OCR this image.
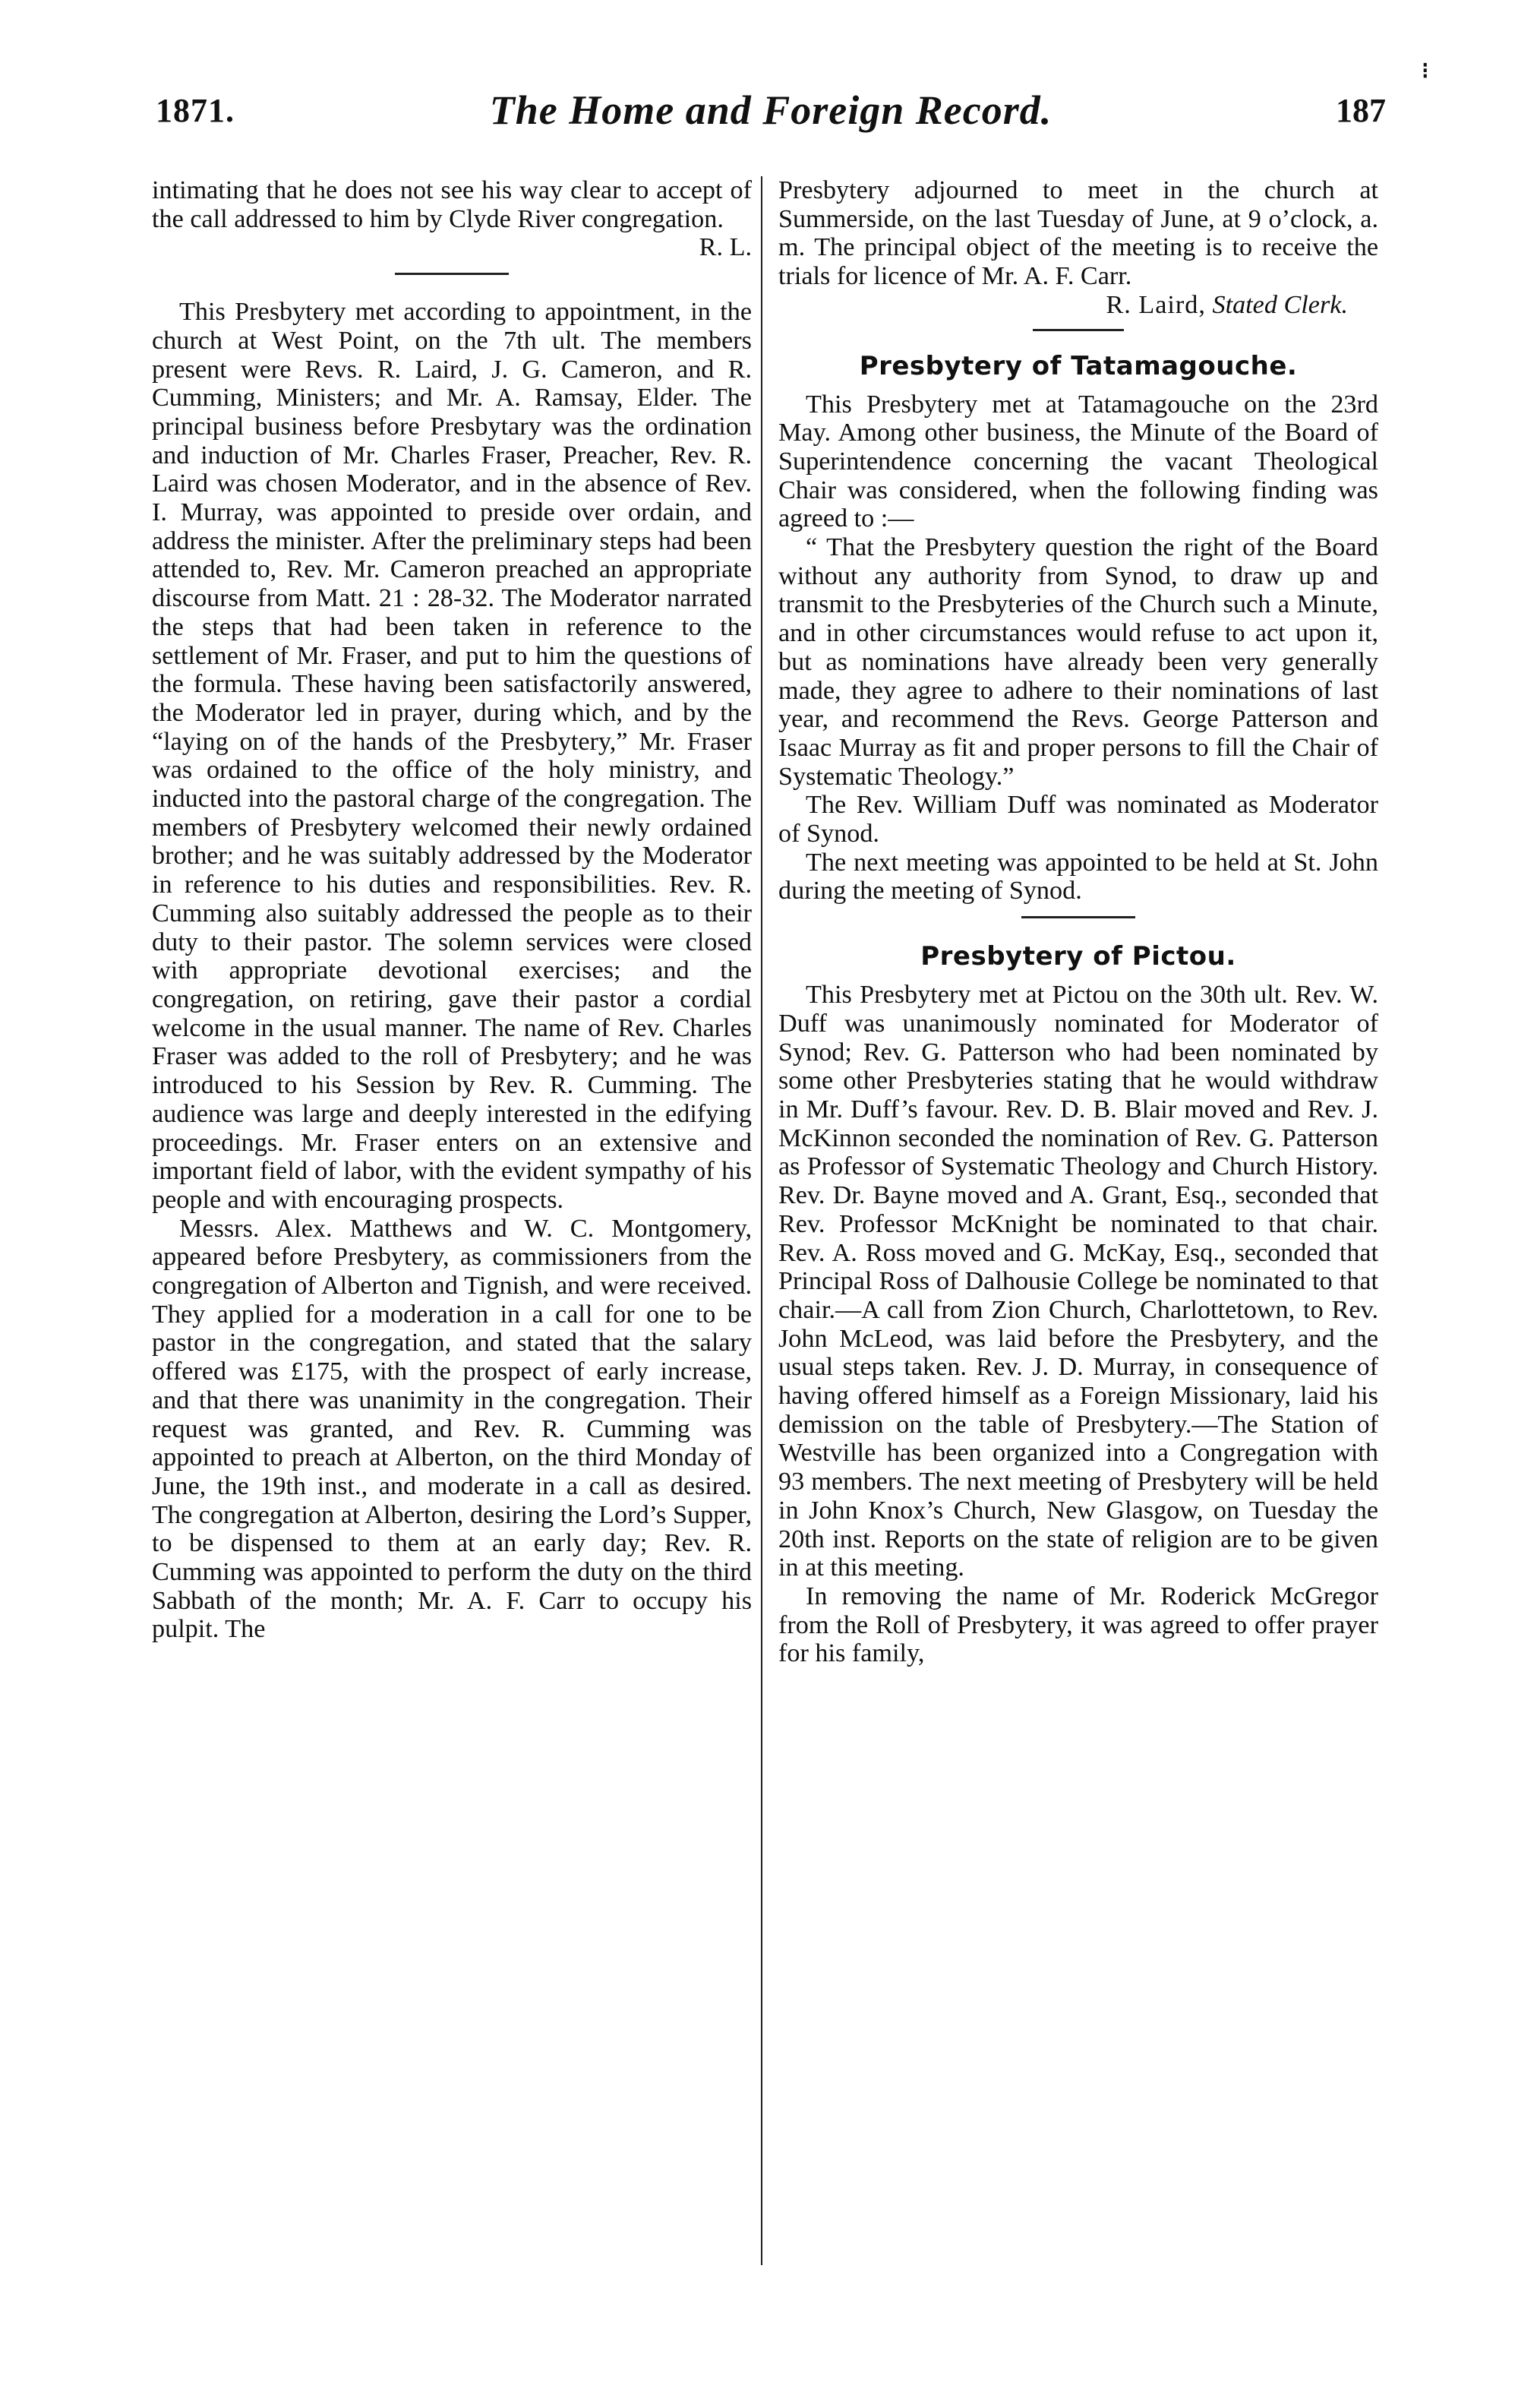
1871.	The Home and Foreign Record.	187
⁝

intimating that he does not see his way clear to accept of the call addressed to him by Clyde River congregation.

R. L.

This Presbytery met according to appointment, in the church at West Point, on the 7th ult. The members present were Revs. R. Laird, J. G. Cameron, and R. Cumming, Ministers; and Mr. A. Ramsay, Elder. The principal business before Presbytary was the ordination and induction of Mr. Charles Fraser, Preacher, Rev. R. Laird was chosen Moderator, and in the absence of Rev. I. Murray, was appointed to preside over ordain, and address the minister. After the preliminary steps had been attended to, Rev. Mr. Cameron preached an appropriate discourse from Matt. 21 : 28-32. The Moderator narrated the steps that had been taken in reference to the settlement of Mr. Fraser, and put to him the questions of the formula. These having been satisfactorily answered, the Moderator led in prayer, during which, and by the “laying on of the hands of the Presbytery,” Mr. Fraser was ordained to the office of the holy ministry, and inducted into the pastoral charge of the congregation. The members of Presbytery welcomed their newly ordained brother; and he was suitably addressed by the Moderator in reference to his duties and responsibilities. Rev. R. Cumming also suitably addressed the people as to their duty to their pastor. The solemn services were closed with appropriate devotional exercises; and the congregation, on retiring, gave their pastor a cordial welcome in the usual manner. The name of Rev. Charles Fraser was added to the roll of Presbytery; and he was introduced to his Session by Rev. R. Cumming. The audience was large and deeply interested in the edifying proceedings. Mr. Fraser enters on an extensive and important field of labor, with the evident sympathy of his people and with encouraging prospects.

Messrs. Alex. Matthews and W. C. Montgomery, appeared before Presbytery, as commissioners from the congregation of Alberton and Tignish, and were received. They applied for a moderation in a call for one to be pastor in the congregation, and stated that the salary offered was £175, with the prospect of early increase, and that there was unanimity in the congregation. Their request was granted, and Rev. R. Cumming was appointed to preach at Alberton, on the third Monday of June, the 19th inst., and moderate in a call as desired. The congregation at Alberton, desiring the Lord’s Supper, to be dispensed to them at an early day; Rev. R. Cumming was appointed to perform the duty on the third Sabbath of the month; Mr. A. F. Carr to occupy his pulpit. The

Presbytery adjourned to meet in the church at Summerside, on the last Tuesday of June, at 9 o’clock, a. m. The principal object of the meeting is to receive the trials for licence of Mr. A. F. Carr.

R. Laird, Stated Clerk.

Presbytery of Tatamagouche.

This Presbytery met at Tatamagouche on the 23rd May. Among other business, the Minute of the Board of Superintendence concerning the vacant Theological Chair was considered, when the following finding was agreed to :—

“ That the Presbytery question the right of the Board without any authority from Synod, to draw up and transmit to the Presbyteries of the Church such a Minute, and in other circumstances would refuse to act upon it, but as nominations have already been very generally made, they agree to adhere to their nominations of last year, and recommend the Revs. George Patterson and Isaac Murray as fit and proper persons to fill the Chair of Systematic Theology.”

The Rev. William Duff was nominated as Moderator of Synod.

The next meeting was appointed to be held at St. John during the meeting of Synod.

Presbytery of Pictou.

This Presbytery met at Pictou on the 30th ult. Rev. W. Duff was unanimously nominated for Moderator of Synod; Rev. G. Patterson who had been nominated by some other Presbyteries stating that he would withdraw in Mr. Duff’s favour. Rev. D. B. Blair moved and Rev. J. McKinnon seconded the nomination of Rev. G. Patterson as Professor of Systematic Theology and Church History. Rev. Dr. Bayne moved and A. Grant, Esq., seconded that Rev. Professor McKnight be nominated to that chair. Rev. A. Ross moved and G. McKay, Esq., seconded that Principal Ross of Dalhousie College be nominated to that chair.—A call from Zion Church, Charlottetown, to Rev. John McLeod, was laid before the Presbytery, and the usual steps taken. Rev. J. D. Murray, in consequence of having offered himself as a Foreign Missionary, laid his demission on the table of Presbytery.—The Station of Westville has been organized into a Congregation with 93 members. The next meeting of Presbytery will be held in John Knox’s Church, New Glasgow, on Tuesday the 20th inst. Reports on the state of religion are to be given in at this meeting.

In removing the name of Mr. Roderick McGregor from the Roll of Presbytery, it was agreed to offer prayer for his family,
